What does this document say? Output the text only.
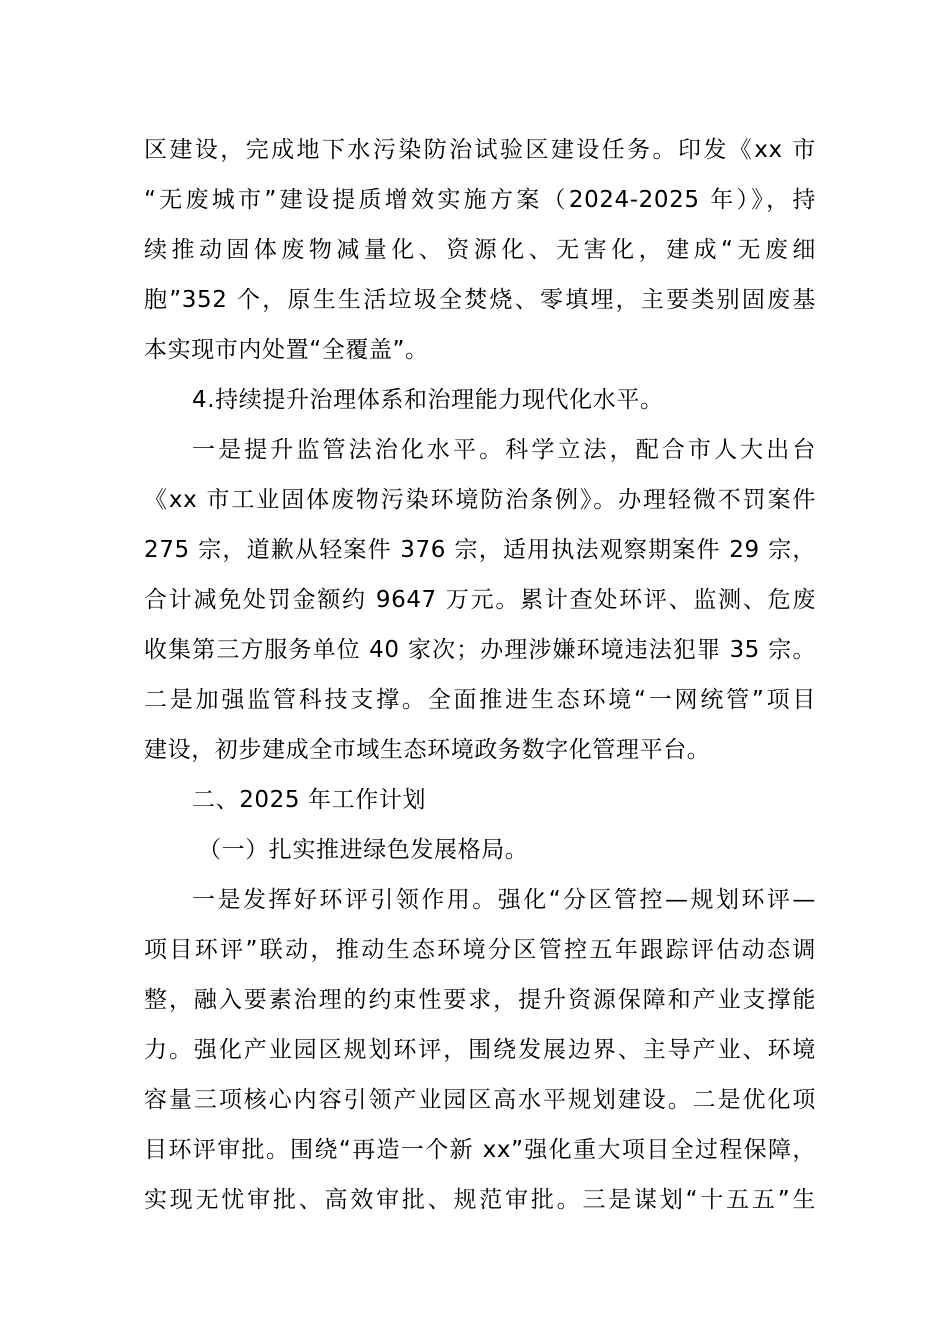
区建设，完成地下水污染防治试验区建设任务。印发《xx 市
“无废城市”建设提质增效实施方案（2024-2025 年）》，持
续推动固体废物减量化、资源化、无害化，建成“无废细
胞”352 个，原生生活垃圾全焚烧、零填埋，主要类别固废基
本实现市内处置“全覆盖”。
4.持续提升治理体系和治理能力现代化水平。
一是提升监管法治化水平。科学立法，配合市人大出台
《xx 市工业固体废物污染环境防治条例》。办理轻微不罚案件
275 宗，道歉从轻案件 376 宗，适用执法观察期案件 29 宗，
合计减免处罚金额约 9647 万元。累计查处环评、监测、危废
收集第三方服务单位 40 家次；办理涉嫌环境违法犯罪 35 宗。
二是加强监管科技支撑。全面推进生态环境“一网统管”项目
建设，初步建成全市域生态环境政务数字化管理平台。
二、2025 年工作计划
（一）扎实推进绿色发展格局。
一是发挥好环评引领作用。强化“分区管控—规划环评—
项目环评”联动，推动生态环境分区管控五年跟踪评估动态调
整，融入要素治理的约束性要求，提升资源保障和产业支撑能
力。强化产业园区规划环评，围绕发展边界、主导产业、环境
容量三项核心内容引领产业园区高水平规划建设。二是优化项
目环评审批。围绕“再造一个新 xx”强化重大项目全过程保障，
实现无忧审批、高效审批、规范审批。三是谋划“十五五”生
